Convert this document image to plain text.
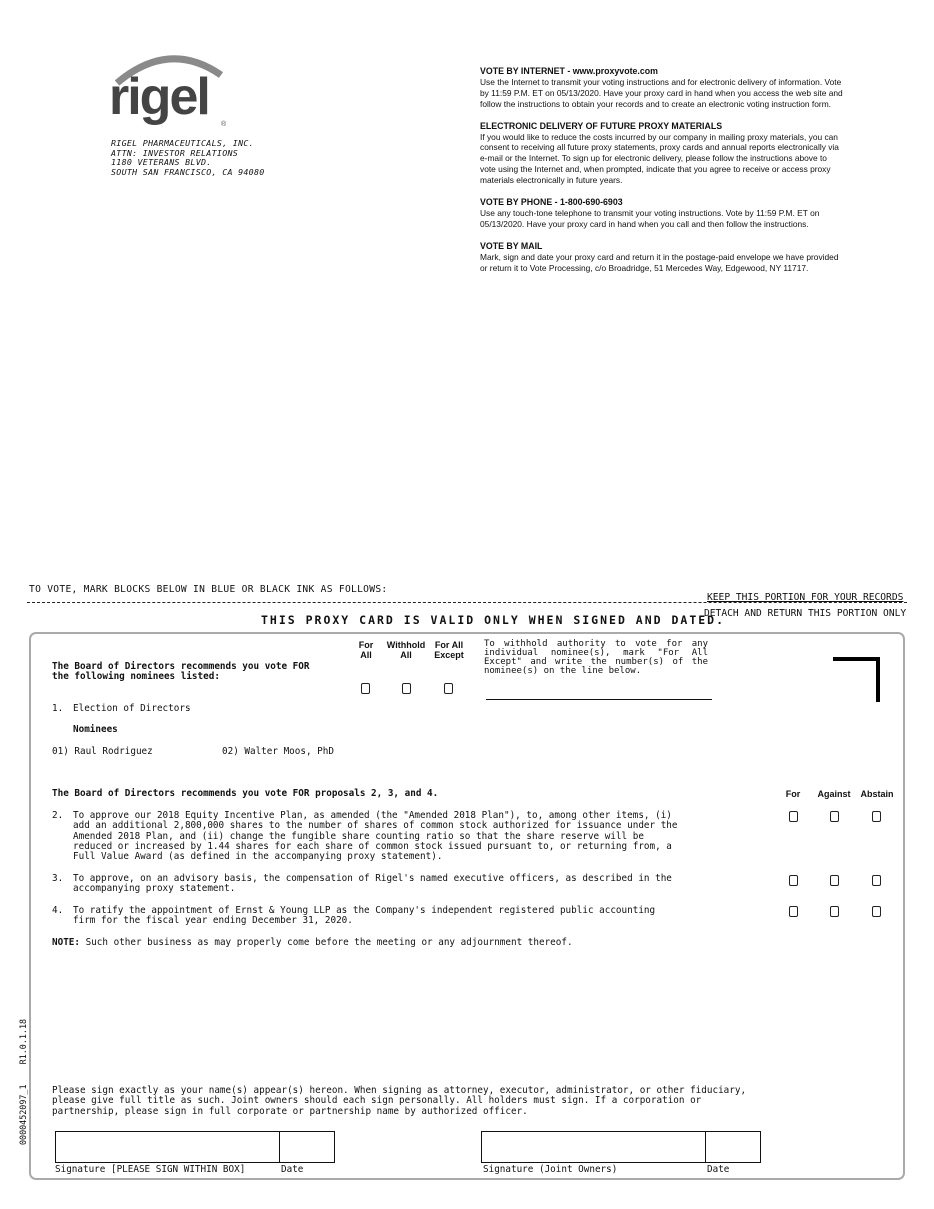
rigel ®
RIGEL PHARMACEUTICALS, INC.
ATTN: INVESTOR RELATIONS
1180 VETERANS BLVD.
SOUTH SAN FRANCISCO, CA 94080
VOTE BY INTERNET - www.proxyvote.com
Use the Internet to transmit your voting instructions and for electronic delivery of information. Vote by 11:59 P.M. ET on 05/13/2020. Have your proxy card in hand when you access the web site and follow the instructions to obtain your records and to create an electronic voting instruction form.
ELECTRONIC DELIVERY OF FUTURE PROXY MATERIALS
If you would like to reduce the costs incurred by our company in mailing proxy materials, you can consent to receiving all future proxy statements, proxy cards and annual reports electronically via e-mail or the Internet. To sign up for electronic delivery, please follow the instructions above to vote using the Internet and, when prompted, indicate that you agree to receive or access proxy materials electronically in future years.
VOTE BY PHONE - 1-800-690-6903
Use any touch-tone telephone to transmit your voting instructions. Vote by 11:59 P.M. ET on 05/13/2020. Have your proxy card in hand when you call and then follow the instructions.
VOTE BY MAIL
Mark, sign and date your proxy card and return it in the postage-paid envelope we have provided or return it to Vote Processing, c/o Broadridge, 51 Mercedes Way, Edgewood, NY 11717.
TO VOTE, MARK BLOCKS BELOW IN BLUE OR BLACK INK AS FOLLOWS:
KEEP THIS PORTION FOR YOUR RECORDS
DETACH AND RETURN THIS PORTION ONLY
THIS PROXY CARD IS VALID ONLY WHEN SIGNED AND DATED.
For All
Withhold All
For All Except
To withhold authority to vote for any individual nominee(s), mark "For All Except" and write the number(s) of the nominee(s) on the line below.
The Board of Directors recommends you vote FOR the following nominees listed:
1. Election of Directors
Nominees
01) Raul Rodriguez	02) Walter Moos, PhD
The Board of Directors recommends you vote FOR proposals 2, 3, and 4.	For	Against	Abstain
2. To approve our 2018 Equity Incentive Plan, as amended (the "Amended 2018 Plan"), to, among other items, (i) add an additional 2,800,000 shares to the number of shares of common stock authorized for issuance under the Amended 2018 Plan, and (ii) change the fungible share counting ratio so that the share reserve will be reduced or increased by 1.44 shares for each share of common stock issued pursuant to, or returning from, a Full Value Award (as defined in the accompanying proxy statement).
3. To approve, on an advisory basis, the compensation of Rigel's named executive officers, as described in the accompanying proxy statement.
4. To ratify the appointment of Ernst & Young LLP as the Company's independent registered public accounting firm for the fiscal year ending December 31, 2020.
NOTE: Such other business as may properly come before the meeting or any adjournment thereof.
Please sign exactly as your name(s) appear(s) hereon. When signing as attorney, executor, administrator, or other fiduciary, please give full title as such. Joint owners should each sign personally. All holders must sign. If a corporation or partnership, please sign in full corporate or partnership name by authorized officer.
Signature [PLEASE SIGN WITHIN BOX]	Date	Signature (Joint Owners)	Date
0000452097_1    R1.0.1.18
